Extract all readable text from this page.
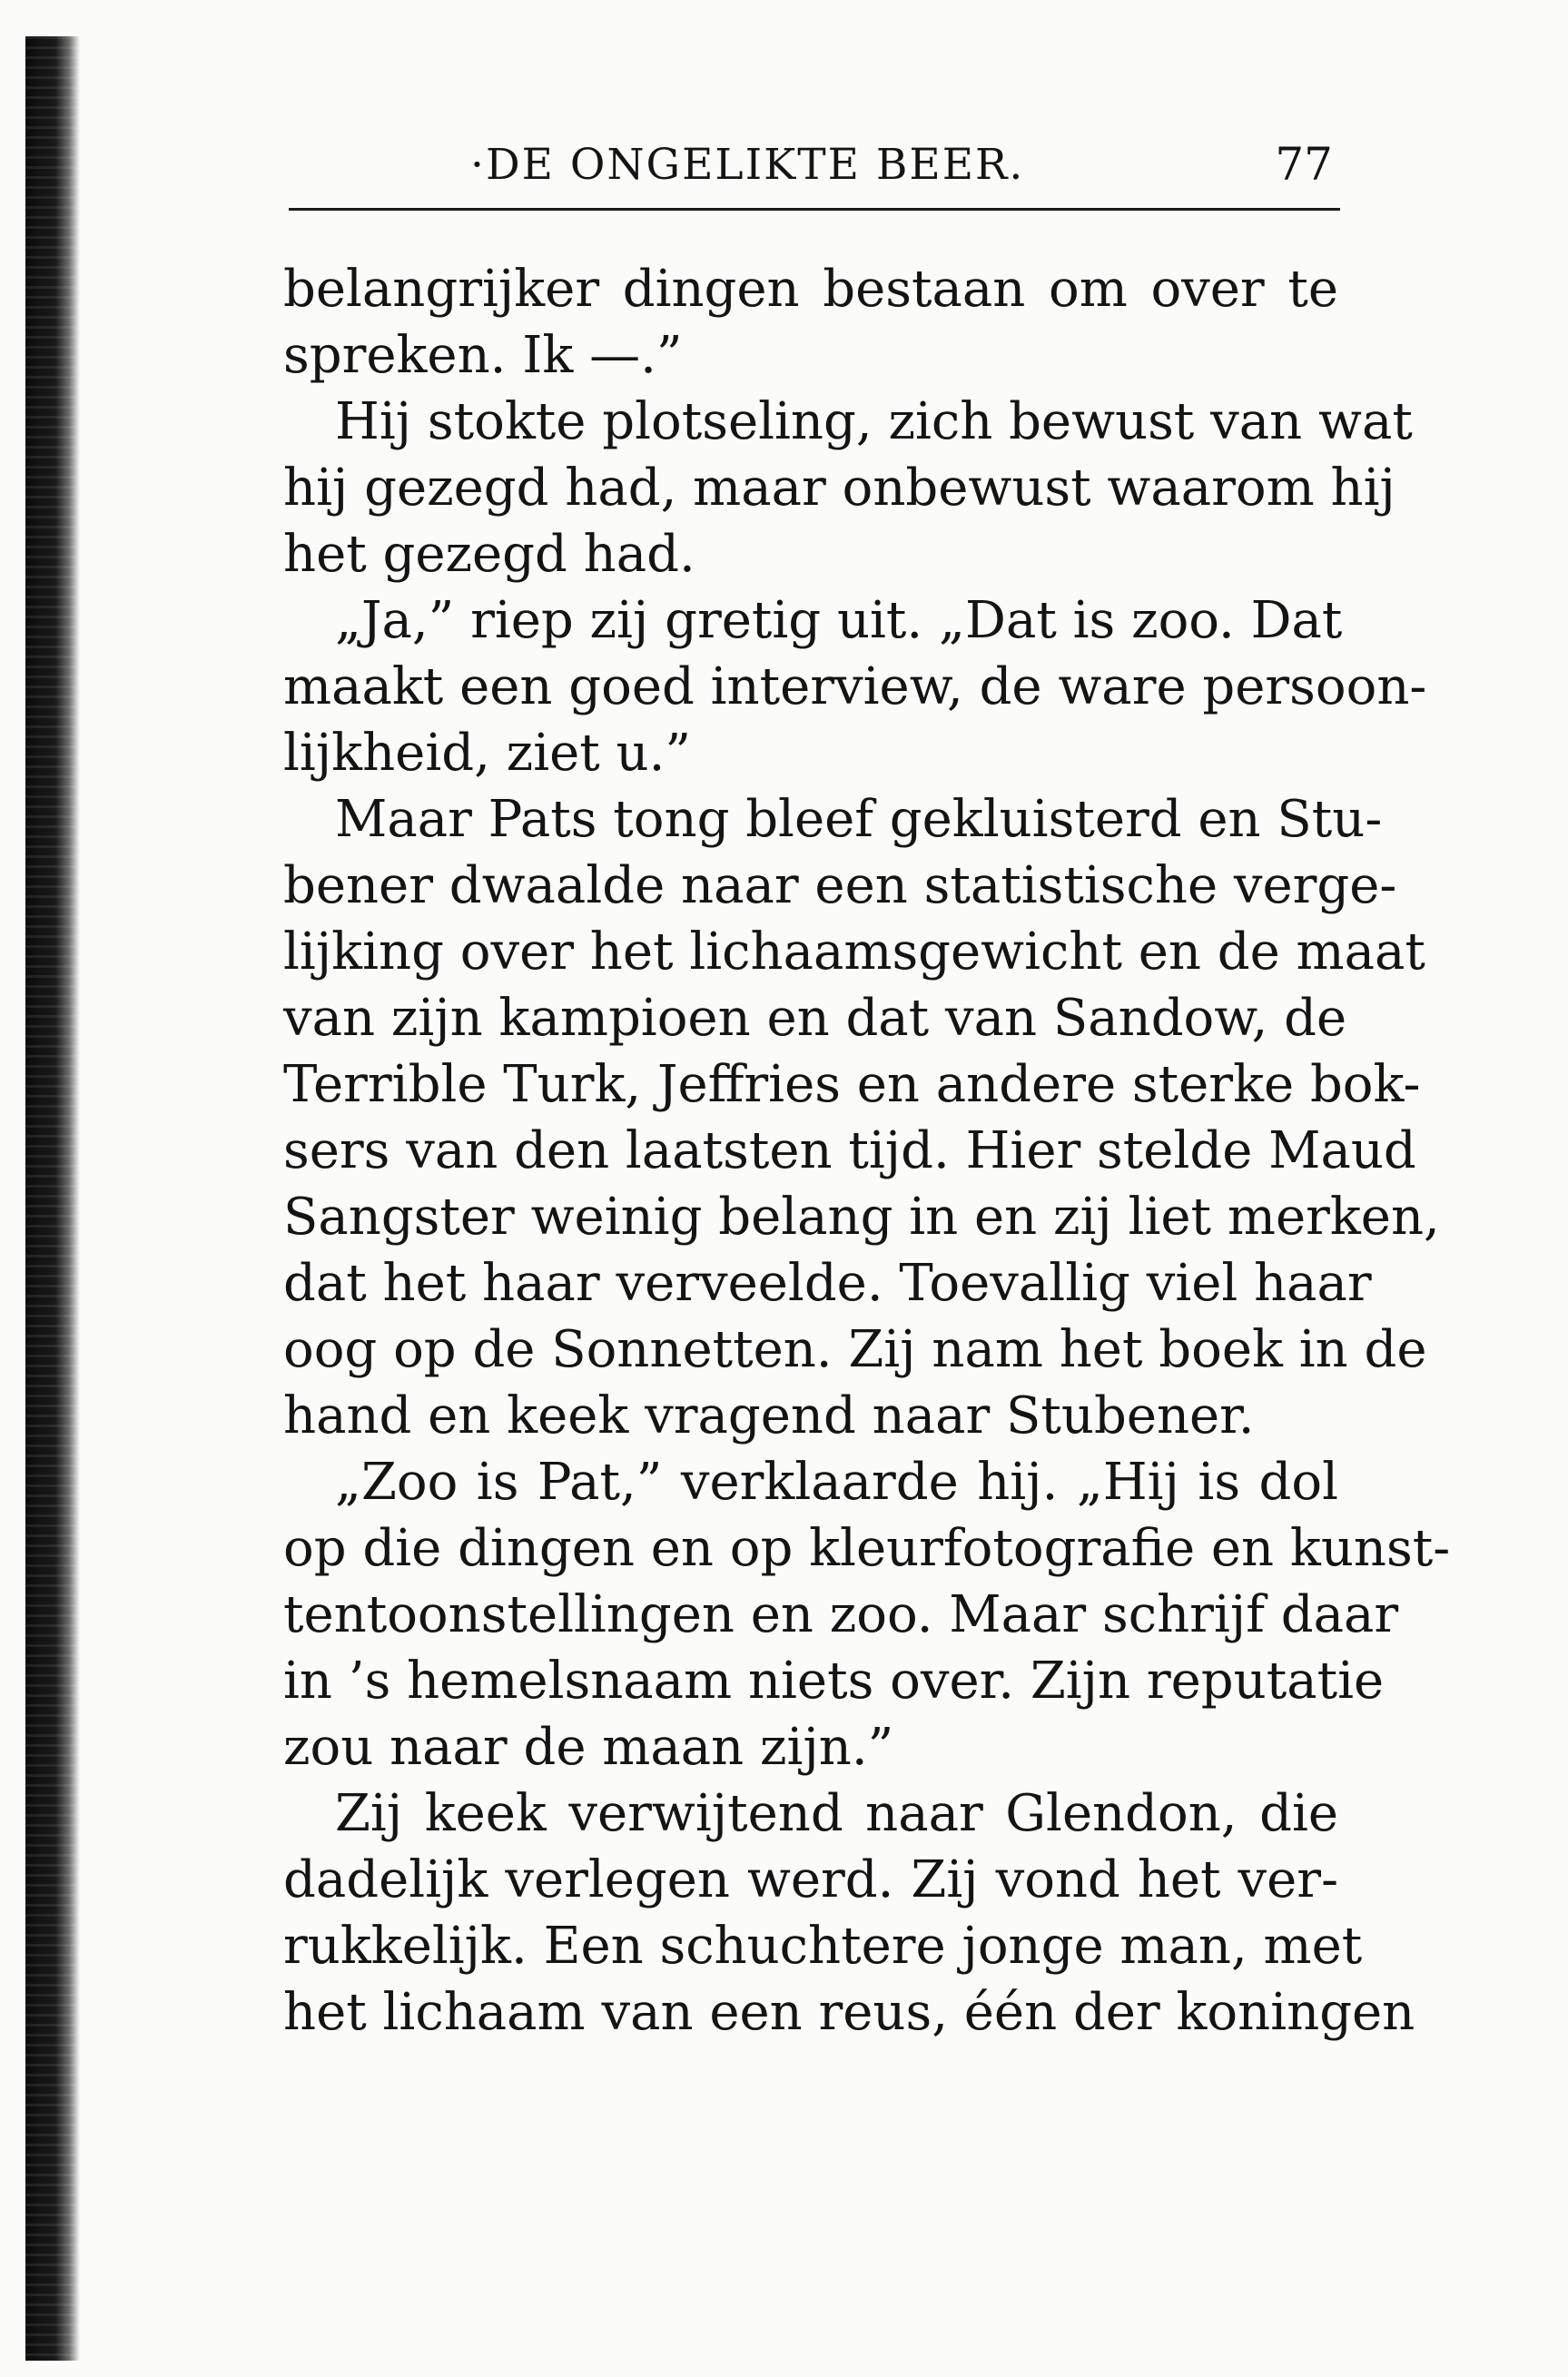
·DE ONGELIKTE BEER.	77
belangrijker dingen bestaan om over te
spreken. Ik —.”
Hij stokte plotseling, zich bewust van wat
hij gezegd had, maar onbewust waarom hij
het gezegd had.
„Ja,” riep zij gretig uit. „Dat is zoo. Dat
maakt een goed interview, de ware persoon-
lijkheid, ziet u.”
Maar Pats tong bleef gekluisterd en Stu-
bener dwaalde naar een statistische verge-
lijking over het lichaamsgewicht en de maat
van zijn kampioen en dat van Sandow, de
Terrible Turk, Jeffries en andere sterke bok-
sers van den laatsten tijd. Hier stelde Maud
Sangster weinig belang in en zij liet merken,
dat het haar verveelde. Toevallig viel haar
oog op de Sonnetten. Zij nam het boek in de
hand en keek vragend naar Stubener.
„Zoo is Pat,” verklaarde hij. „Hij is dol
op die dingen en op kleurfotografie en kunst-
tentoonstellingen en zoo. Maar schrijf daar
in ’s hemelsnaam niets over. Zijn reputatie
zou naar de maan zijn.”
Zij keek verwijtend naar Glendon, die
dadelijk verlegen werd. Zij vond het ver-
rukkelijk. Een schuchtere jonge man, met
het lichaam van een reus, één der koningen
